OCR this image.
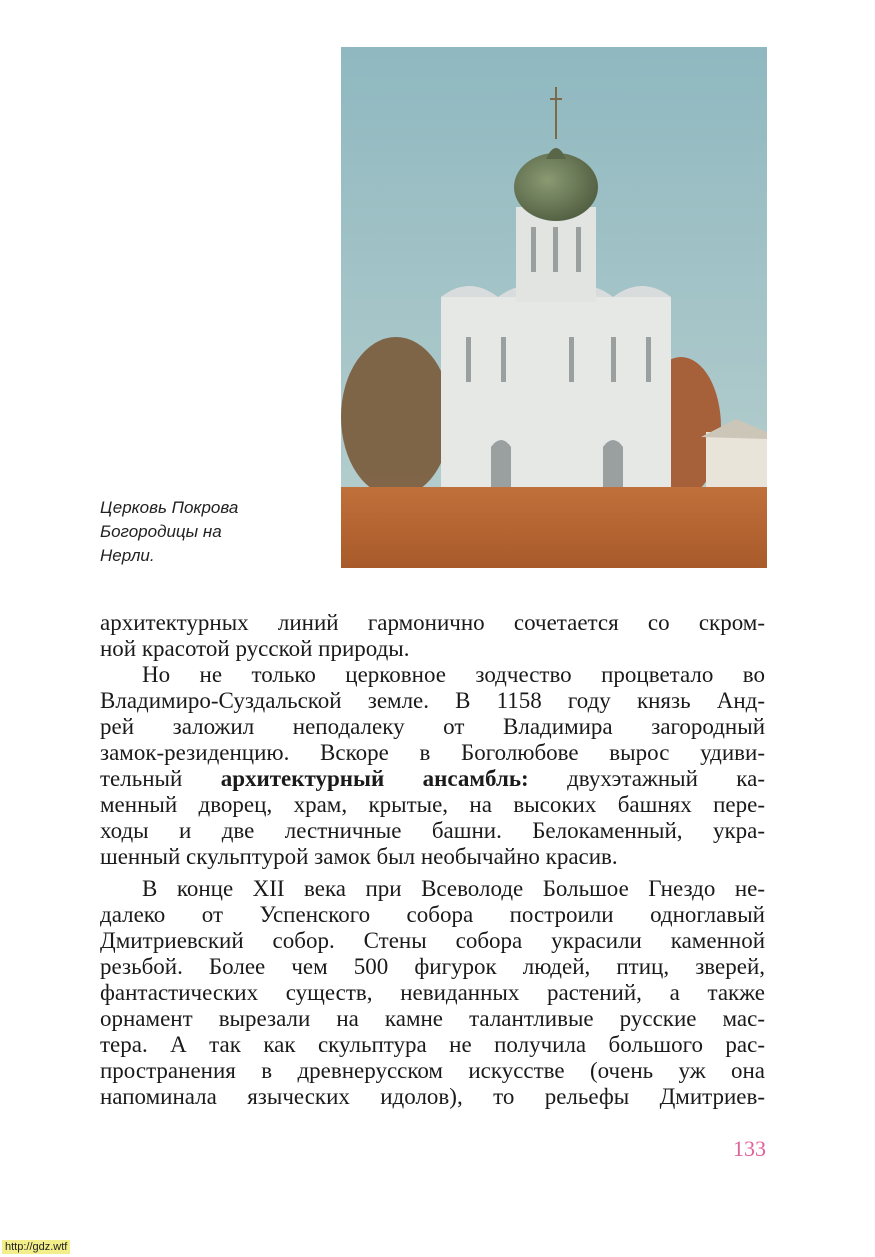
Церковь Покрова
Богородицы на
Нерли.
архитектурных линий гармонично сочетается со скром-
ной красотой русской природы.
Но не только церковное зодчество процветало во
Владимиро-Суздальской земле. В 1158 году князь Анд-
рей заложил неподалеку от Владимира загородный
замок-резиденцию. Вскоре в Боголюбове вырос удиви-
тельный архитектурный ансамбль: двухэтажный ка-
менный дворец, храм, крытые, на высоких башнях пере-
ходы и две лестничные башни. Белокаменный, укра-
шенный скульптурой замок был необычайно красив.
В конце XII века при Всеволоде Большое Гнездо не-
далеко от Успенского собора построили одноглавый
Дмитриевский собор. Стены собора украсили каменной
резьбой. Более чем 500 фигурок людей, птиц, зверей,
фантастических существ, невиданных растений, а также
орнамент вырезали на камне талантливые русские мас-
тера. А так как скульптура не получила большого рас-
пространения в древнерусском искусстве (очень уж она
напоминала языческих идолов), то рельефы Дмитриев-
133
http://gdz.wtf
